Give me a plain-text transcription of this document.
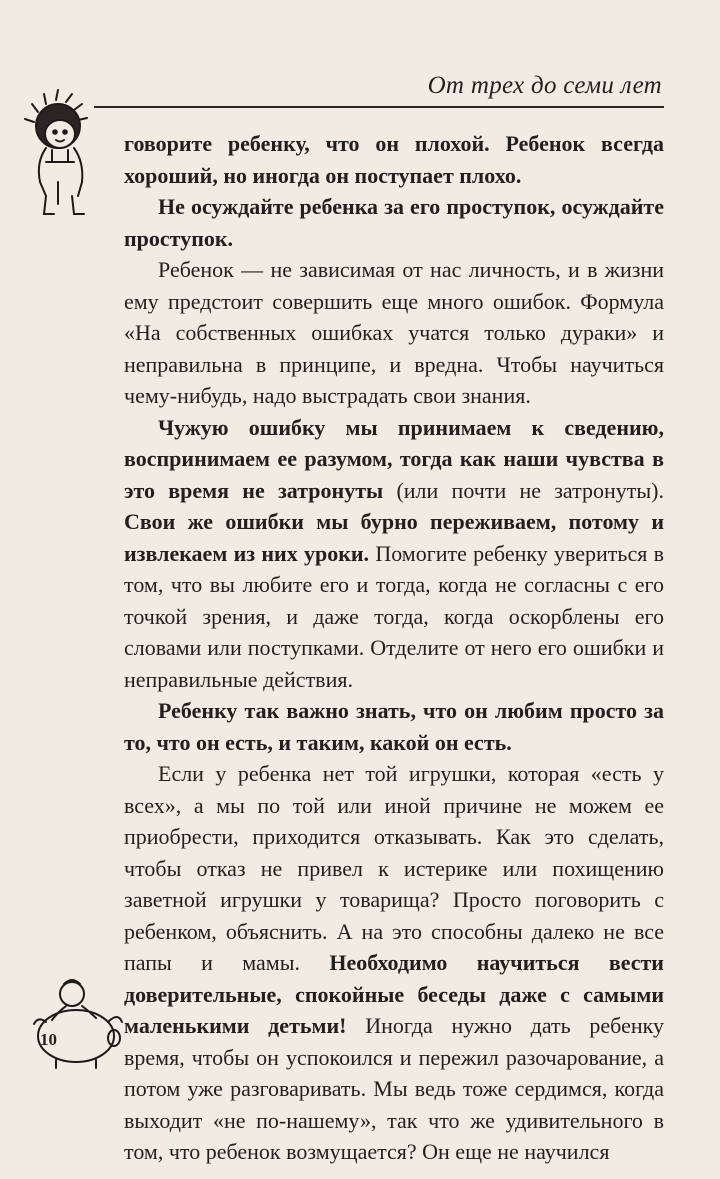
От трех до семи лет

говорите ребенку, что он плохой. Ребенок всегда хороший, но иногда он поступает плохо.

Не осуждайте ребенка за его проступок, осуждайте проступок.

Ребенок — не зависимая от нас личность, и в жизни ему предстоит совершить еще много ошибок. Формула «На собственных ошибках учатся только дураки» и неправильна в принципе, и вредна. Чтобы научиться чему-нибудь, надо выстрадать свои знания.

Чужую ошибку мы принимаем к сведению, воспринимаем ее разумом, тогда как наши чувства в это время не затронуты (или почти не затронуты). Свои же ошибки мы бурно переживаем, потому и извлекаем из них уроки. Помогите ребенку увериться в том, что вы любите его и тогда, когда не согласны с его точкой зрения, и даже тогда, когда оскорблены его словами или поступками. Отделите от него его ошибки и неправильные действия.

Ребенку так важно знать, что он любим просто за то, что он есть, и таким, какой он есть.

Если у ребенка нет той игрушки, которая «есть у всех», а мы по той или иной причине не можем ее приобрести, приходится отказывать. Как это сделать, чтобы отказ не привел к истерике или похищению заветной игрушки у товарища? Просто поговорить с ребенком, объяснить. А на это способны далеко не все папы и мамы. Необходимо научиться вести доверительные, спокойные беседы даже с самыми маленькими детьми! Иногда нужно дать ребенку время, чтобы он успокоился и пережил разочарование, а потом уже разговаривать. Мы ведь тоже сердимся, когда выходит «не по-нашему», так что же удивительного в том, что ребенок возмущается? Он еще не научился

10
